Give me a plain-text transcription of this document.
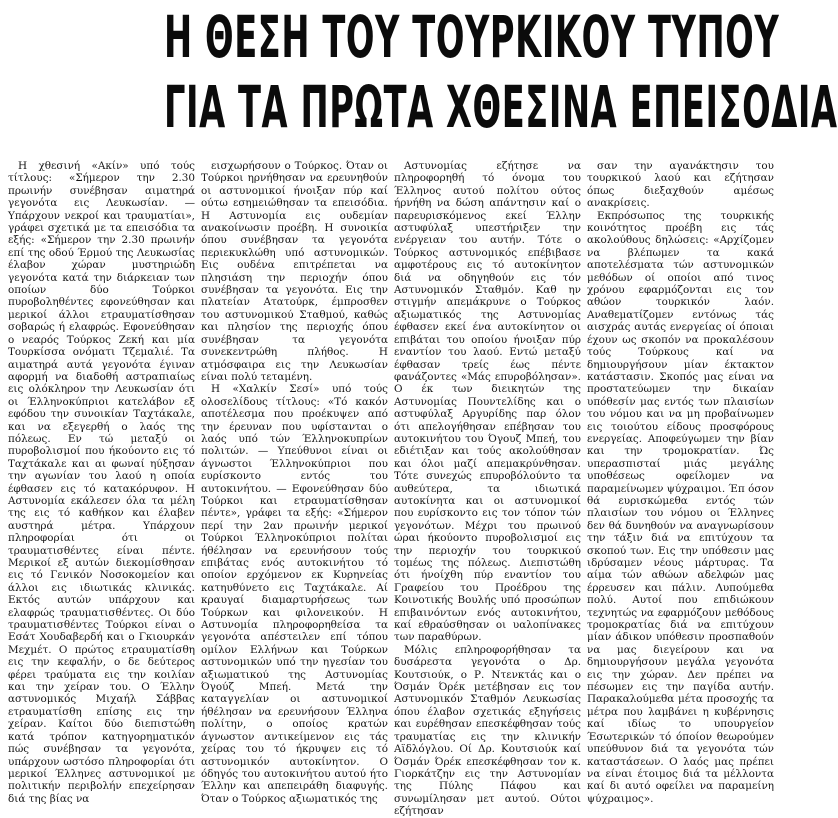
Η ΘΕΣΗ ΤΟΥ ΤΟΥΡΚΙΚΟΥ ΤΥΠΟΥ
ΓΙΑ ΤΑ ΠΡΩΤΑ ΧΘΕΣΙΝΑ ΕΠΕΙΣΟΔΙΑ

Η χθεσινή «Ακίν» υπό τούς τίτλους: «Σήμερον την 2.30 πρωινήν συνέβησαν αιματηρά γεγονότα εις Λευκωσίαν. — Υπάρχουν νεκροί και τραυματίαι», γράφει σχετικά με τα επεισόδια τα εξής: «Σήμερον την 2.30 πρωινήν επί της οδού Έρμού της Λευκωσίας έλαβον χώραν μυστηριώδη γεγονότα κατά την διάρκειαν των οποίων δύο Τούρκοι πυροβοληθέντες εφονεύθησαν και μερικοί άλλοι ετραυματίσθησαν σοβαρώς ή ελαφρώς. Εφονεύθησαν ο νεαρός Τούρκος Ζεκή και μία Τουρκίσσα ονόματι Τζεμαλιέ. Τα αιματηρά αυτά γεγονότα έγιναν αφορμή να διαδοθή αστραπιαίως εις ολόκληρον την Λευκωσίαν ότι οι Έλληνοκύπριοι κατελάβον εξ εφόδου την συνοικίαν Ταχτάκαλε, και να εξεγερθή ο λαός της πόλεως. Εν τώ μεταξύ οι πυροβολισμοί που ήκούοντο εις τό Ταχτάκαλε και αι φωναί ηύξησαν την αγωνίαν του λαού η οποία έφθασεν εις τό κατακόρυφον. Η Αστυνομία εκάλεσεν όλα τα μέλη της εις τό καθήκον και έλαβεν αυστηρά μέτρα. Υπάρχουν πληροφορίαι ότι οι τραυματισθέντες είναι πέντε. Μερικοί εξ αυτών διεκομίσθησαν εις τό Γενικόν Νοσοκομείον και άλλοι εις ιδιωτικάς κλινικάς. Εκτός αυτών υπάρχουν και ελαφρώς τραυματισθέντες. Οι δύο τραυματισθέντες Τούρκοι είναι ο Εσάτ Χουδαβερδή και ο Γκιουρκάν Μεχμέτ. Ο πρώτος ετραυματίσθη εις την κεφαλήν, ο δε δεύτερος φέρει τραύματα εις την κοιλίαν και την χείραν του. Ο Έλλην αστυνομικός Μιχαήλ Σάββας ετραυματίσθη επίσης εις την χείραν. Καίτοι δύο διεπιστώθη κατά τρόπον κατηγορηματικόν πώς συνέβησαν τα γεγονότα, υπάρχουν ωστόσο πληροφορίαι ότι μερικοί Έλληνες αστυνομικοί με πολιτικήν περιβολήν επεχείρησαν διά της βίας να

εισχωρήσουν ο Τούρκος. Όταν οι Τούρκοι ηρνήθησαν να ερευνηθούν οι αστυνομικοί ήνοιξαν πύρ καί ούτω εσημειώθησαν τα επεισόδια. Η Αστυνομία εις ουδεμίαν ανακοίνωσιν προέβη. Η συνοικία όπου συνέβησαν τα γεγονότα περιεκυκλώθη υπό αστυνομικών. Εις ουδένα επιτρέπεται να πλησιάση την περιοχήν όπου συνέβησαν τα γεγονότα. Εις την πλατείαν Ατατούρκ, έμπροσθεν του αστυνομικού Σταθμού, καθώς και πλησίον της περιοχής όπου συνέβησαν τα γεγονότα συνεκεντρώθη πλήθος. Η ατμόσφαιρα εις την Λευκωσίαν είναι πολύ τεταμένη.

Η «Χαλκίν Σεσί» υπό τούς ολοσελίδους τίτλους: «Τό κακόν αποτέλεσμα που προέκυψεν από την έρευναν που υφίστανται ο λαός υπό τών Έλληνοκυπρίων πολιτών. — Υπεύθυνοι είναι οι άγνωστοι Έλληνοκύπριοι που ευρίσκοντο εντός του αυτοκινήτου. — Εφονεύθησαν δύο Τούρκοι και ετραυματίσθησαν πέντε», γράφει τα εξής: «Σήμερον περί την 2αν πρωινήν μερικοί Τούρκοι Έλληνοκύπριοι πολίται ήθέλησαν να ερευνήσουν τούς επιβάτας ενός αυτοκινήτου τό οποίον ερχόμενον εκ Κυρηνείας κατηυθύνετο εις Ταχτάκαλε. Αί κραυγαί διαμαρτυρήσεως των Τούρκων και φιλονεικούν. Η Αστυνομία πληροφορηθείσα τα γεγονότα απέστειλεν επί τόπου ομίλον Ελλήνων και Τούρκων αστυνομικών υπό την ηγεσίαν του αξιωματικού της Αστυνομίας Όγούζ Μπεή. Μετά την καταγγελίαν οι αστυνομικοί ήθέλησαν να ερευνήσουν Έλληνα πολίτην, ο οποίος κρατών άγνωστον αντικείμενον εις τάς χείρας του τό ήκρυψεν εις τό αστυνομικόν αυτοκίνητον. Ο όδηγός του αυτοκινήτου αυτού ήτο Έλλην και απεπειράθη διαφυγής. Όταν ο Τούρκος αξιωματικός της

Αστυνομίας εζήτησε να πληροφορηθή τό όνομα του Έλληνος αυτού πολίτου ούτος ήρνήθη να δώση απάντησιν καί ο παρευρισκόμενος εκεί Έλλην αστυφύλαξ υπεστήριξεν την ενέργειαν του αυτήν. Τότε ο Τούρκος αστυνομικός επέβιβασε αμφοτέρους εις τό αυτοκίνητον διά να οδηγηθούν εις τόν Αστυνομικόν Σταθμόν. Καθ ην στιγμήν απεμάκρυνε ο Τούρκος αξιωματικός της Αστυνομίας έφθασεν εκεί ένα αυτοκίνητον οι επιβάται του οποίου ήνοιξαν πύρ εναντίον του λαού. Εντώ μεταξύ έφθασαν τρείς έως πέντε φανάζοντες «Μάς επυροβόλησαν». Ο έκ των διεικητών της Αστυνομίας Πουντελίδης και ο αστυφύλαξ Αργυρίδης παρ όλον ότι απελογήθησαν επέβησαν του αυτοκινήτου του Όγουζ Μπεή, του εδιέτιξαν και τούς ακολούθησαν και όλοι μαζί απεμακρύνθησαν. Τότε συνεχώς επυροβόλούντο τα αυθεύτερα, τα ιδιωτικά αυτοκίνητα και οι αστυνομικοί που ευρίσκοντο εις τον τόπον τών γεγονότων. Μέχρι του πρωινού ώραι ήκούοντο πυροβολισμοί εις την περιοχήν του τουρκικού τομέως της πόλεως. Διεπιστώθη ότι ήνοίχθη πύρ εναντίον του Γραφείου του Προέδρου της Κοινοτικής Βουλής υπό προσώπων επιβαινόντων ενός αυτοκινήτου, καί εθραύσθησαν οι υαλοπίνακες των παραθύρων.

Μόλις επληροφορήθησαν τα δυσάρεστα γεγονότα ο Δρ. Κουτσιούκ, ο Ρ. Ντενκτάς και ο Όσμάν Όρέκ μετέβησαν εις τον Αστυνομικόν Σταθμόν Λευκωσίας όπου έλαβον σχετικάς εξηγήσεις και ευρέθησαν επεσκέφθησαν τούς τραυματίας εις την κλινικήν Αϊδλόγλου. Οί Δρ. Κουτσιούκ καί Όσμάν Όρέκ επεσκέφθησαν τον κ. Γιορκάτζην εις την Αστυνομίαν της Πύλης Πάφου και συνωμίλησαν μετ αυτού. Ούτοι εζήτησαν

σαν την αγανάκτησιν του τουρκικού λαού και εζήτησαν όπως διεξαχθούν αμέσως ανακρίσεις.

Εκπρόσωπος της τουρκικής κοινότητος προέβη εις τάς ακολούθους δηλώσεις: «Αρχίζομεν να βλέπωμεν τα κακά αποτελέσματα τών αστυνομικών μεθόδων οί οποίοι από τινος χρόνου εφαρμόζονται εις τον αθώον τουρκικόν λαόν. Αναθεματίζομεν εντόνως τάς αισχράς αυτάς ενεργείας οί όποιαι έχουν ως σκοπόν να προκαλέσουν τούς Τούρκους καί να δημιουργήσουν μίαν έκτακτον κατάστασιν. Σκοπός μας είναι να προστατεύωμεν την δικαίαν υπόθεσίν μας εντός των πλαισίων του νόμου και να μη προβαίνωμεν εις τοιούτου είδους προσφόρους ενεργείας. Αποφεύγωμεν την βίαν και την τρομοκρατίαν. Ώς υπερασπισταί μιάς μεγάλης υποθέσεως οφείλομεν να παραμείνωμεν ψύχραιμοι. Έπ όσον θά ευρισκώμεθα εντός τών πλαισίων του νόμου οι Έλληνες δεν θά δυνηθούν να αναγνωρίσουν την τάξιν διά να επιτύχουν τα σκοπού των. Εις την υπόθεσιν μας ιδρύσαμεν νέους μάρτυρας. Τα αίμα τών αθώων αδελφών μας έρρευσεν και πάλιν. Λυπούμεθα πολύ. Αυτοί που επιδιώκουν τεχνητώς να εφαρμόζουν μεθόδους τρομοκρατίας διά να επιτύχουν μίαν άδικον υπόθεσιν προσπαθούν να μας διεγείρουν και να δημιουργήσουν μεγάλα γεγονότα εις την χώραν. Δεν πρέπει να πέσωμεν εις την παγίδα αυτήν. Παρακαλούμεθα μέτα προσοχής τα μέτρα που λαμβάνει η κυβέρνησις καί ιδίως το υπουργείον Έσωτερικών τό όποίον θεωρούμεν υπεύθυνον διά τα γεγονότα τών καταστάσεων. Ο λαός μας πρέπει να είναι έτοιμος διά τα μέλλοντα καί δι αυτό οφείλει να παραμείνη ψύχραιμος».
